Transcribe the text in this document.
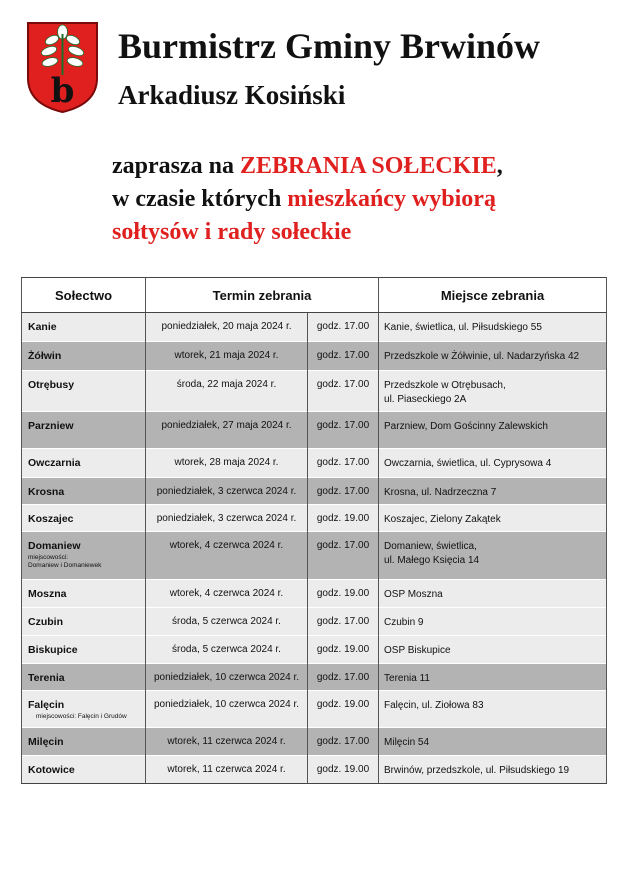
b
Burmistrz Gminy Brwinów
Arkadiusz Kosiński
zaprasza na ZEBRANIA SOŁECKIE,
w czasie których mieszkańcy wybiorą
sołtysów i rady sołeckie
Sołectwo	Termin zebrania		Miejsce zebrania
Kanie	poniedziałek, 20 maja 2024 r.	godz. 17.00	Kanie, świetlica, ul. Piłsudskiego 55

Żółwin	wtorek, 21 maja 2024 r.	godz. 17.00	Przedszkole w Żółwinie, ul. Nadarzyńska 42

Otrębusy	środa, 22 maja 2024 r.	godz. 17.00	Przedszkole w Otrębusach,
ul. Piaseckiego 2A

Parzniew	poniedziałek, 27 maja 2024 r.	godz. 17.00	Parzniew, Dom Gościnny Zalewskich

Owczarnia	wtorek, 28 maja 2024 r.	godz. 17.00	Owczarnia, świetlica, ul. Cyprysowa 4

Krosna	poniedziałek, 3 czerwca 2024 r.	godz. 17.00	Krosna, ul. Nadrzeczna 7

Koszajec	poniedziałek, 3 czerwca 2024 r.	godz. 19.00	Koszajec, Zielony Zakątek

Domaniew
miejscowości:
Domaniew i Domaniewek	wtorek, 4 czerwca 2024 r.	godz. 17.00	Domaniew, świetlica,
ul. Małego Księcia 14

Moszna	wtorek, 4 czerwca 2024 r.	godz. 19.00	OSP Moszna

Czubin	środa, 5 czerwca 2024 r.	godz. 17.00	Czubin 9

Biskupice	środa, 5 czerwca 2024 r.	godz. 19.00	OSP Biskupice

Terenia	poniedziałek, 10 czerwca 2024 r.	godz. 17.00	Terenia 11

Falęcin
miejscowości: Falęcin i Grudów	poniedziałek, 10 czerwca 2024 r.	godz. 19.00	Falęcin, ul. Ziołowa 83

Milęcin	wtorek, 11 czerwca 2024 r.	godz. 17.00	Milęcin 54

Kotowice	wtorek, 11 czerwca 2024 r.	godz. 19.00	Brwinów, przedszkole, ul. Piłsudskiego 19
